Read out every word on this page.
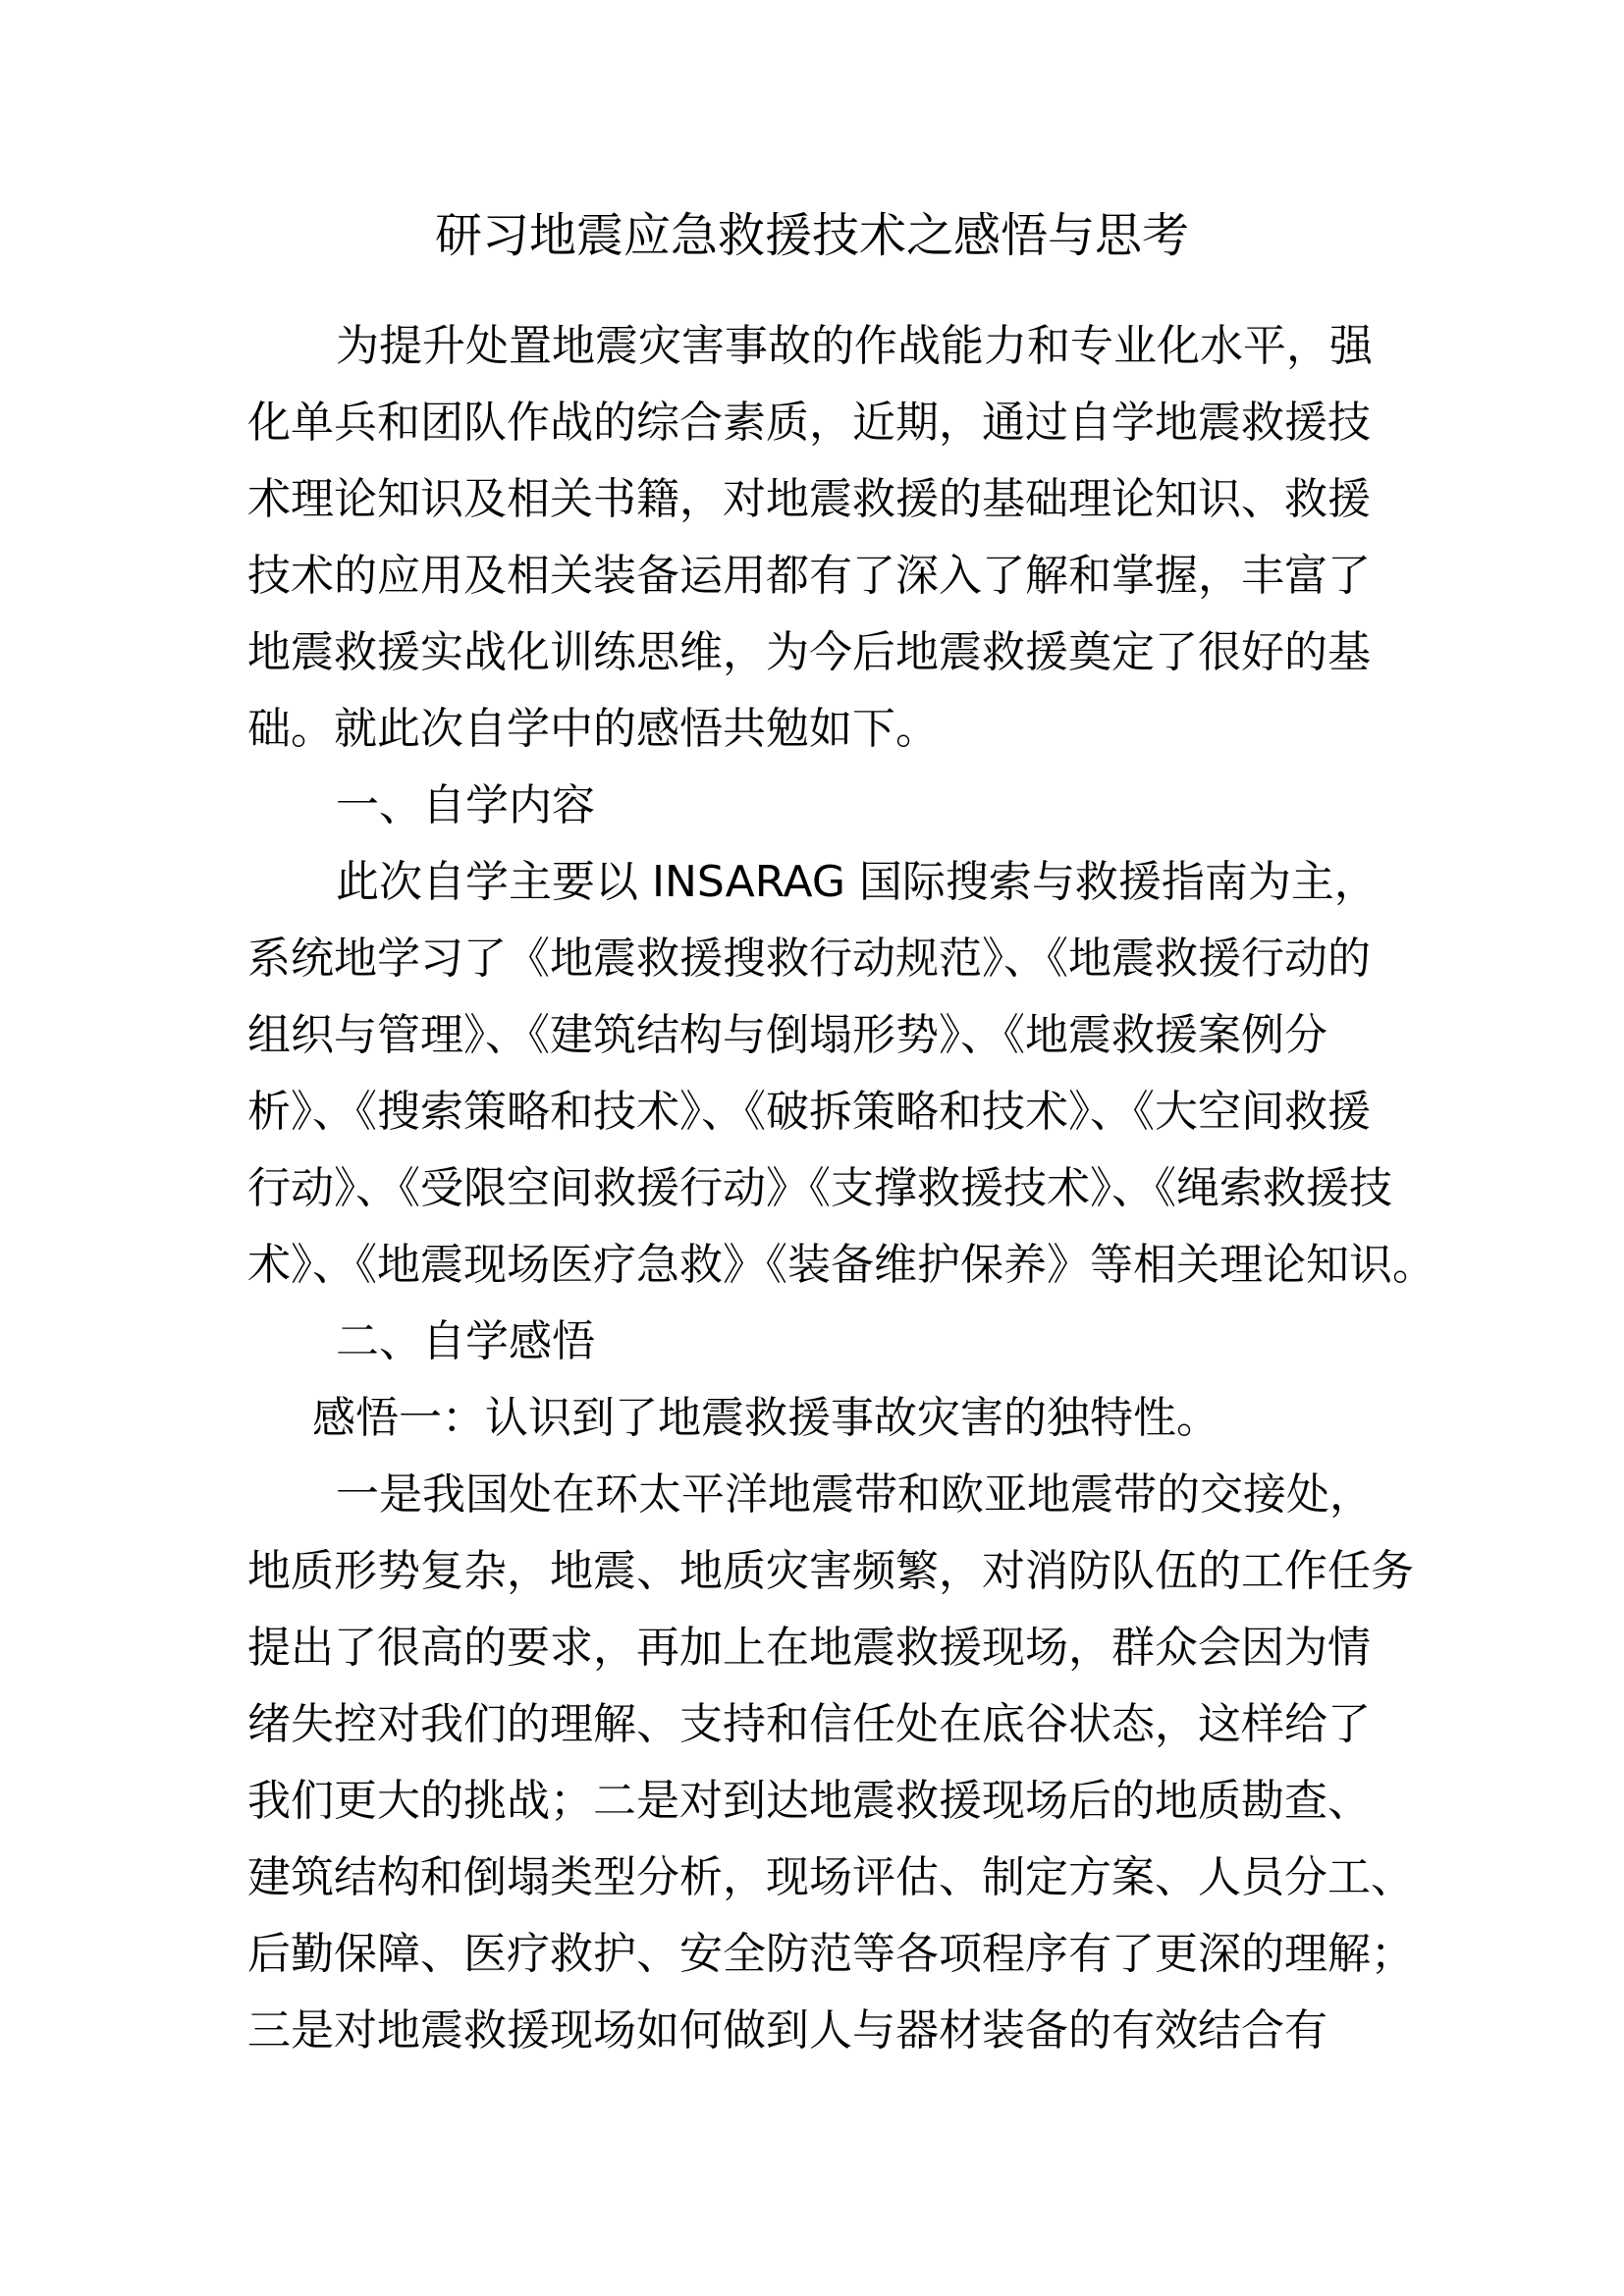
研习地震应急救援技术之感悟与思考
为提升处置地震灾害事故的作战能力和专业化水平，强
化单兵和团队作战的综合素质，近期，通过自学地震救援技
术理论知识及相关书籍，对地震救援的基础理论知识、救援
技术的应用及相关装备运用都有了深入了解和掌握，丰富了
地震救援实战化训练思维，为今后地震救援奠定了很好的基
础。就此次自学中的感悟共勉如下。
一、自学内容
此次自学主要以 INSARAG 国际搜索与救援指南为主，
系统地学习了《地震救援搜救行动规范》、《地震救援行动的
组织与管理》、《建筑结构与倒塌形势》、《地震救援案例分
析》、《搜索策略和技术》、《破拆策略和技术》、《大空间救援
行动》、《受限空间救援行动》《支撑救援技术》、《绳索救援技
术》、《地震现场医疗急救》《装备维护保养》等相关理论知识。
二、自学感悟
感悟一：认识到了地震救援事故灾害的独特性。
一是我国处在环太平洋地震带和欧亚地震带的交接处，
地质形势复杂，地震、地质灾害频繁，对消防队伍的工作任务
提出了很高的要求，再加上在地震救援现场，群众会因为情
绪失控对我们的理解、支持和信任处在底谷状态，这样给了
我们更大的挑战；二是对到达地震救援现场后的地质勘查、
建筑结构和倒塌类型分析，现场评估、制定方案、人员分工、
后勤保障、医疗救护、安全防范等各项程序有了更深的理解；
三是对地震救援现场如何做到人与器材装备的有效结合有
